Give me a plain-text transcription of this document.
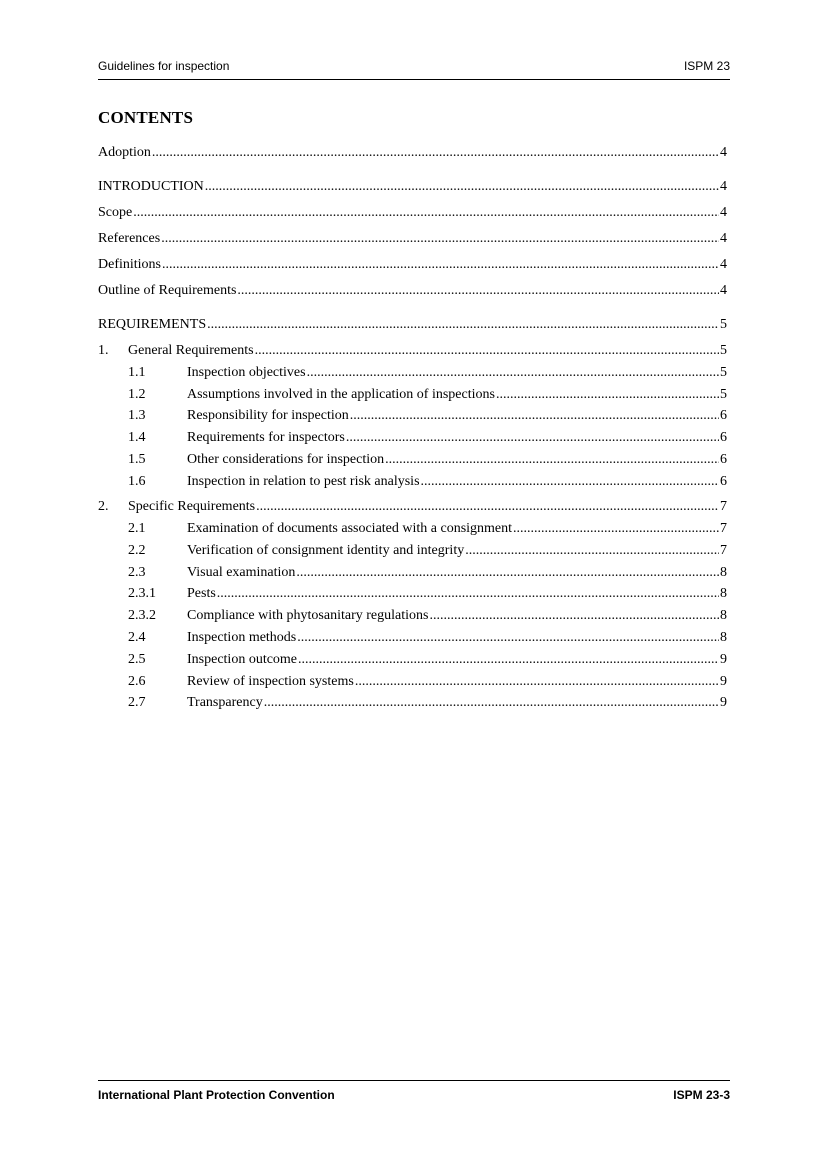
Guidelines for inspection	ISPM 23
CONTENTS
Adoption .....	4
INTRODUCTION .....	4
Scope .....	4
References .....	4
Definitions .....	4
Outline of Requirements .....	4
REQUIREMENTS .....	5
1. General Requirements .....	5
1.1	Inspection objectives .....	5
1.2	Assumptions involved in the application of inspections .....	5
1.3	Responsibility for inspection .....	6
1.4	Requirements for inspectors .....	6
1.5	Other considerations for inspection .....	6
1.6	Inspection in relation to pest risk analysis .....	6
2. Specific Requirements .....	7
2.1	Examination of documents associated with a consignment .....	7
2.2	Verification of consignment identity and integrity .....	7
2.3	Visual examination .....	8
2.3.1 Pests .....	8
2.3.2 Compliance with phytosanitary regulations .....	8
2.4	Inspection methods .....	8
2.5	Inspection outcome .....	9
2.6	Review of inspection systems .....	9
2.7	Transparency .....	9
International Plant Protection Convention	ISPM 23-3
